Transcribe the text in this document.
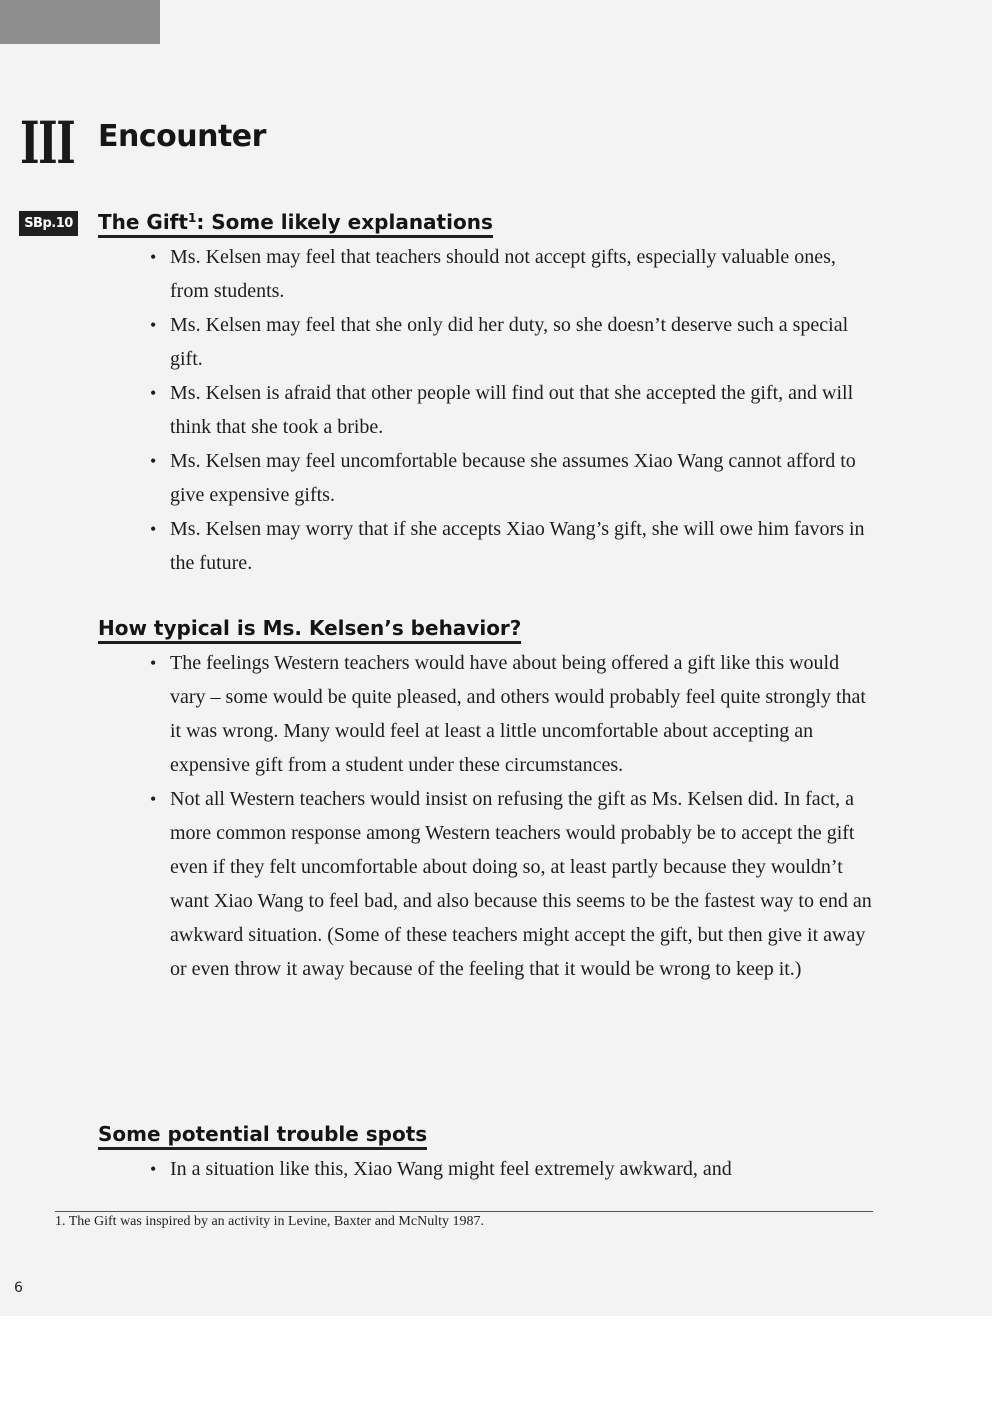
III Encounter
SBp.10 The Gift$^1$: Some likely explanations
• Ms. Kelsen may feel that teachers should not accept gifts, especially valuable ones, from students.
• Ms. Kelsen may feel that she only did her duty, so she doesn’t deserve such a special gift.
• Ms. Kelsen is afraid that other people will find out that she accepted the gift, and will think that she took a bribe.
• Ms. Kelsen may feel uncomfortable because she assumes Xiao Wang cannot afford to give expensive gifts.
• Ms. Kelsen may worry that if she accepts Xiao Wang’s gift, she will owe him favors in the future.
How typical is Ms. Kelsen’s behavior?
• The feelings Western teachers would have about being offered a gift like this would vary – some would be quite pleased, and others would probably feel quite strongly that it was wrong. Many would feel at least a little uncomfortable about accepting an expensive gift from a student under these circumstances.
• Not all Western teachers would insist on refusing the gift as Ms. Kelsen did. In fact, a more common response among Western teachers would probably be to accept the gift even if they felt uncomfortable about doing so, at least partly because they wouldn’t want Xiao Wang to feel bad, and also because this seems to be the fastest way to end an awkward situation. (Some of these teachers might accept the gift, but then give it away or even throw it away because of the feeling that it would be wrong to keep it.)
Some potential trouble spots
• In a situation like this, Xiao Wang might feel extremely awkward, and
1. The Gift was inspired by an activity in Levine, Baxter and McNulty 1987.
6
